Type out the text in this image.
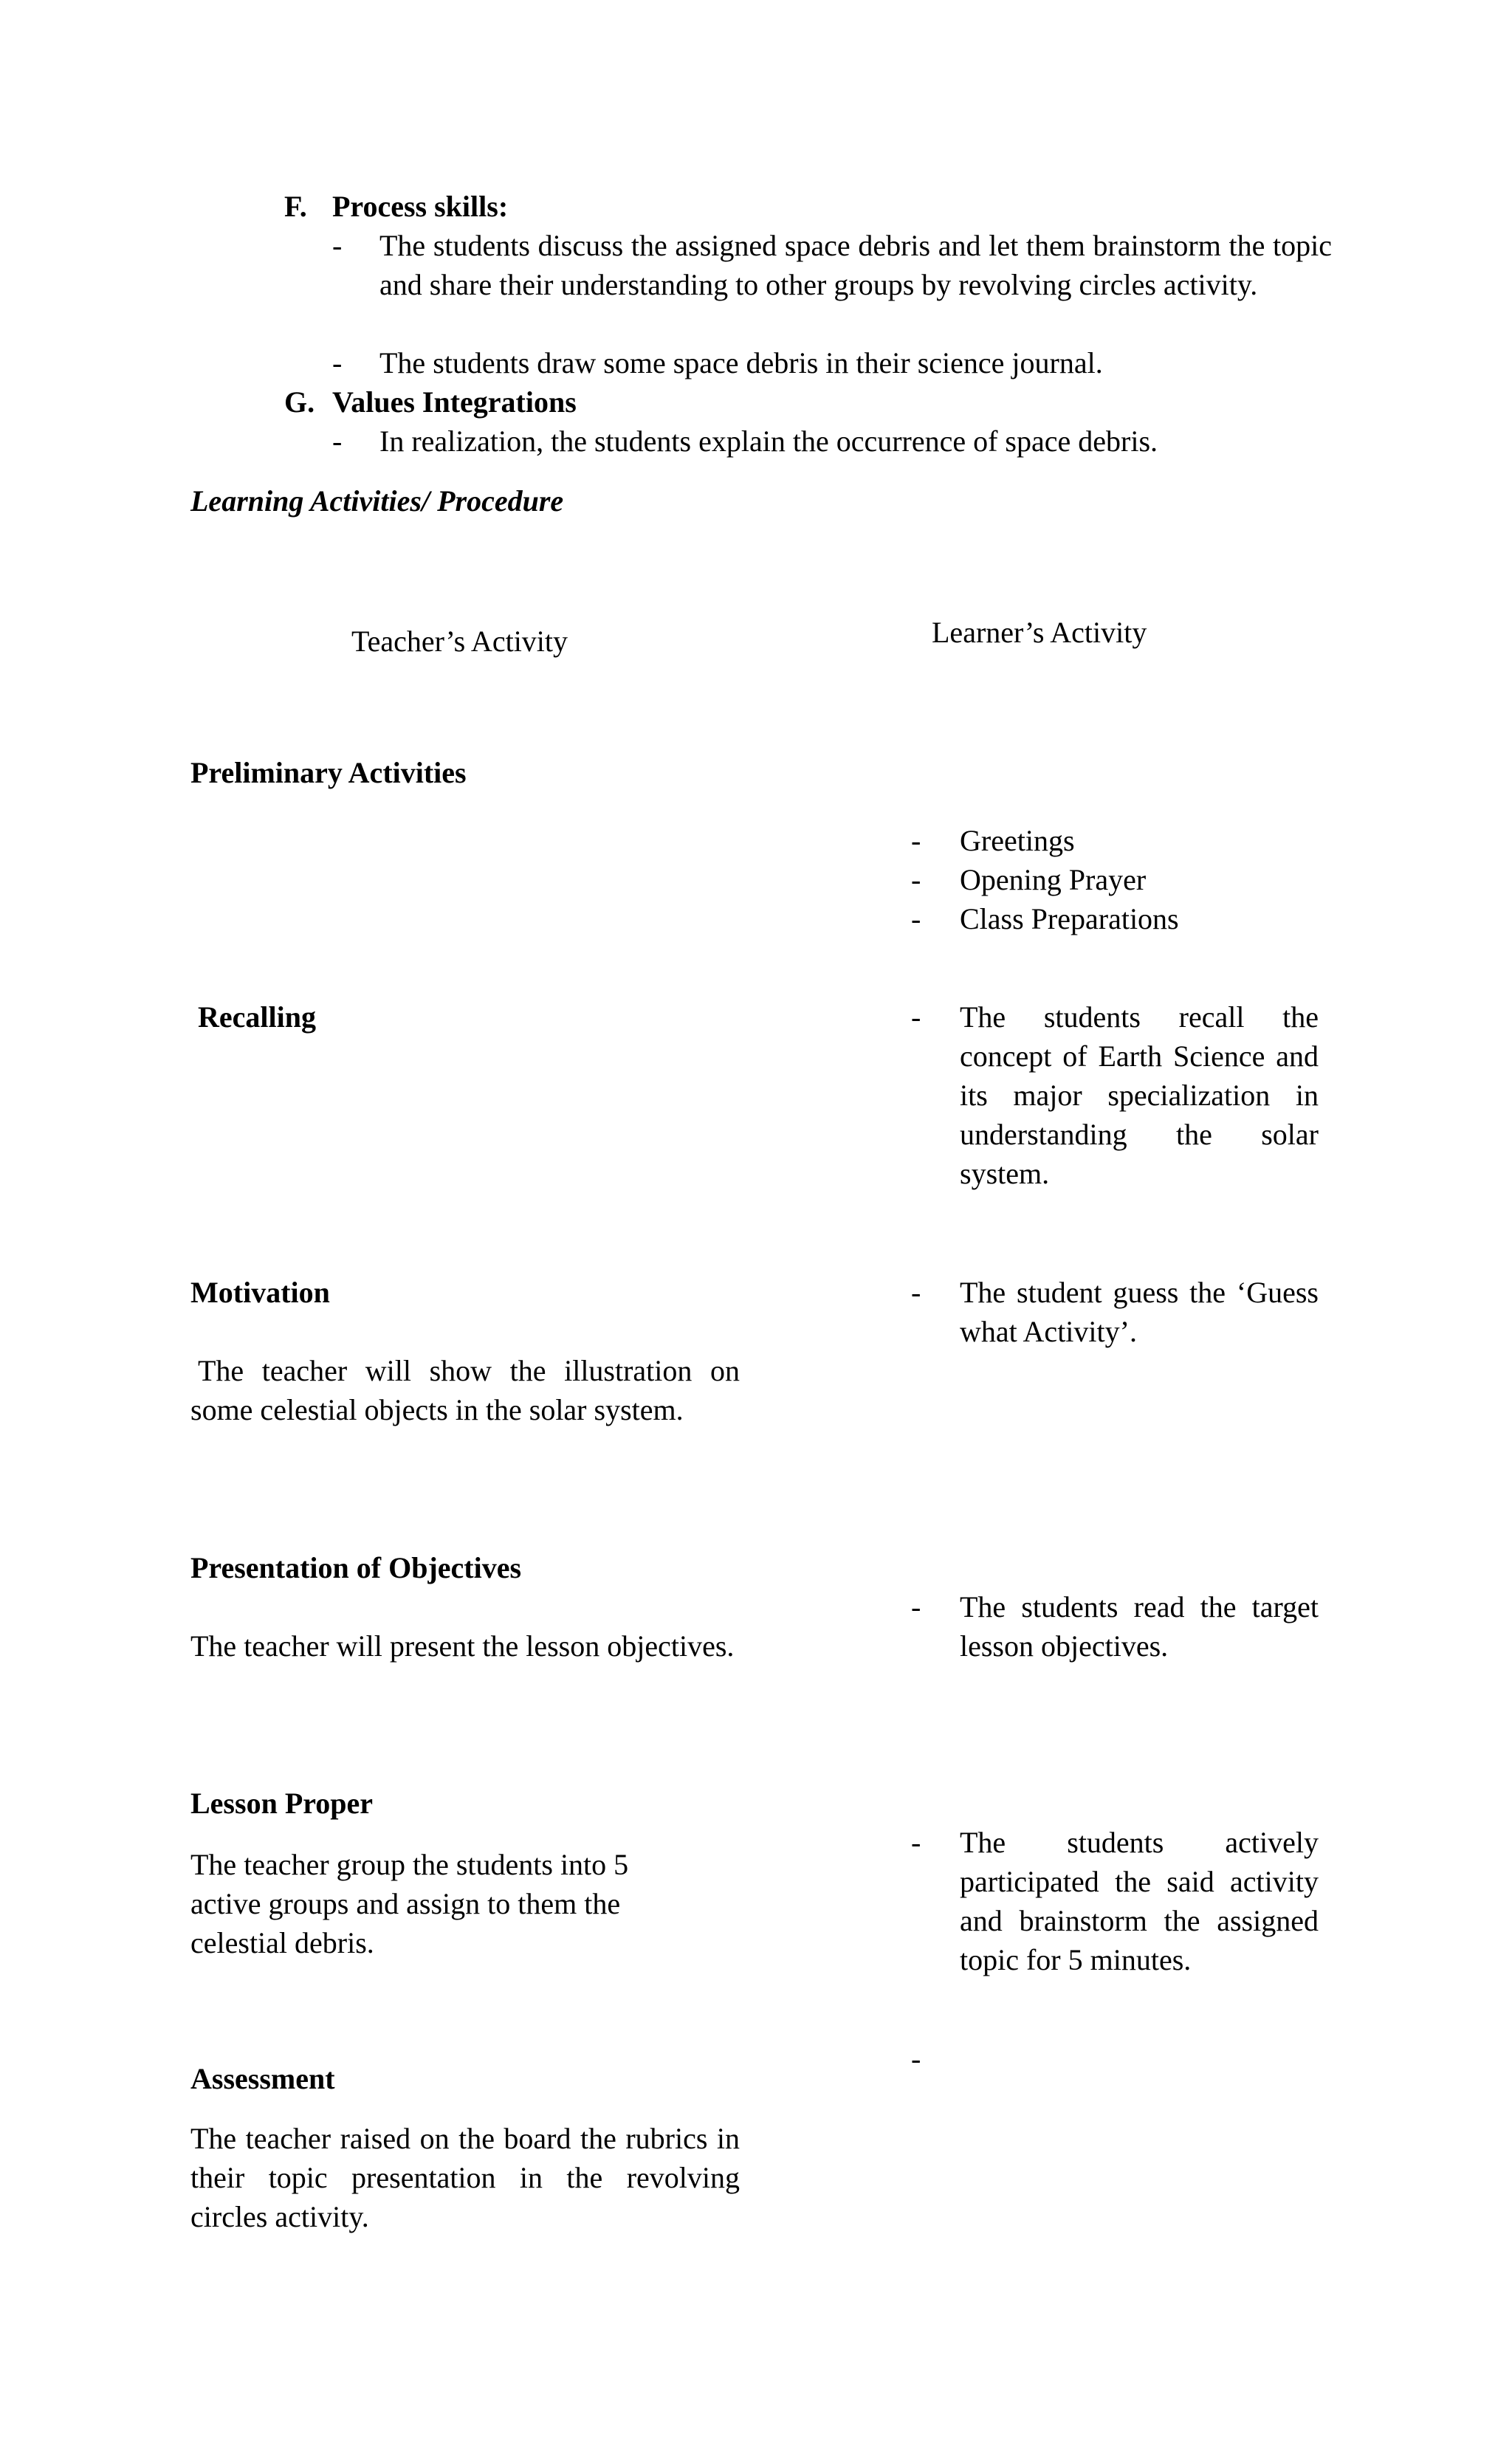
F. Process skills:
- The students discuss the assigned space debris and let them brainstorm the topic and share their understanding to other groups by revolving circles activity.
- The students draw some space debris in their science journal.
G. Values Integrations
- In realization, the students explain the occurrence of space debris.
Learning Activities/ Procedure
Teacher’s Activity	Learner’s Activity
Preliminary Activities
- Greetings
- Opening Prayer
- Class Preparations
Recalling	- The students recall the concept of Earth Science and its major specialization in understanding the solar system.
Motivation
The teacher will show the illustration on some celestial objects in the solar system.
- The student guess the ‘Guess what Activity’.
Presentation of Objectives
The teacher will present the lesson objectives.
- The students read the target lesson objectives.
Lesson Proper
The teacher group the students into 5 active groups and assign to them the celestial debris.
- The students actively participated the said activity and brainstorm the assigned topic for 5 minutes.
Assessment
The teacher raised on the board the rubrics in their topic presentation in the revolving circles activity.
-
